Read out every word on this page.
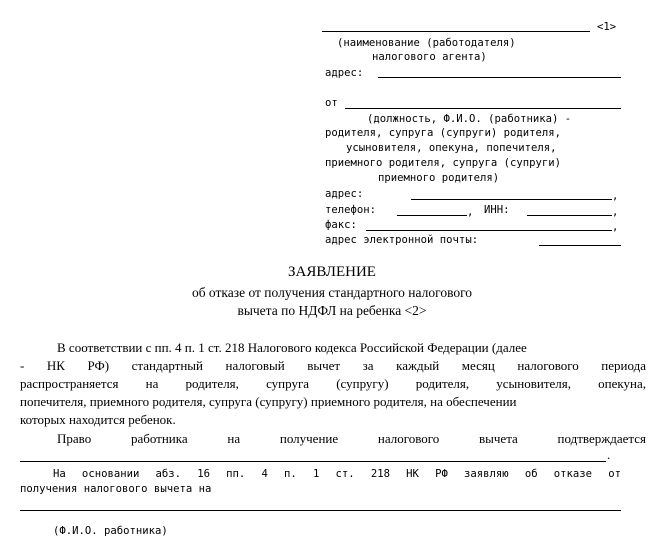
<1>
(наименование (работодателя)
налогового агента)
адрес:
от
(должность, Ф.И.О. (работника) -
родителя, супруга (супруги) родителя,
усыновителя, опекуна, попечителя,
приемного родителя, супруга (супруги)
приемного родителя)
адрес:	,
телефон:	, ИНН:	,
факс:	,
адрес электронной почты:
ЗАЯВЛЕНИЕ
об отказе от получения стандартного налогового
вычета по НДФЛ на ребенка <2>
В соответствии с пп. 4 п. 1 ст. 218 Налогового кодекса Российской Федерации (далее
- НК РФ) стандартный налоговый вычет за каждый месяц налогового периода
распространяется на родителя, супруга (супругу) родителя, усыновителя, опекуна,
попечителя, приемного родителя, супруга (супругу) приемного родителя, на обеспечении
которых находится ребенок.
Право работника на получение налогового вычета подтверждается
.
На основании абз. 16 пп. 4 п. 1 ст. 218 НК РФ заявляю об отказе от
получения налогового вычета на
(Ф.И.О. работника)
